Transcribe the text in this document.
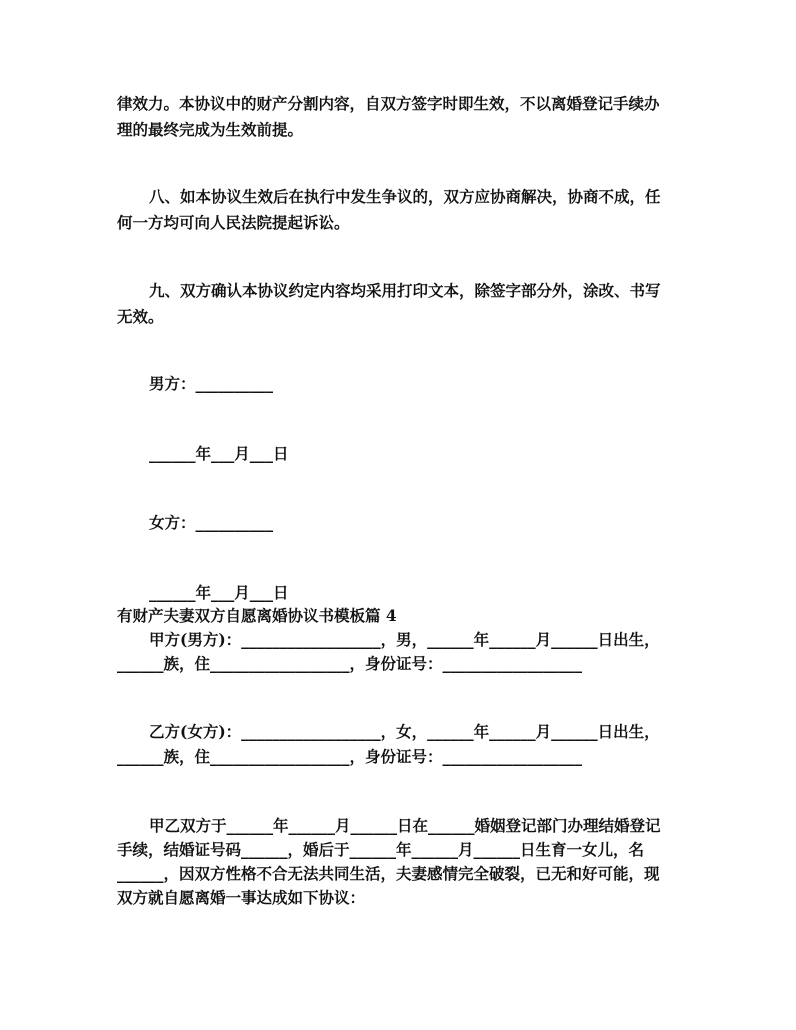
律效力。本协议中的财产分割内容，自双方签字时即生效，不以离婚登记手续办
理的最终完成为生效前提。
八、如本协议生效后在执行中发生争议的，双方应协商解决，协商不成，任
何一方均可向人民法院提起诉讼。
九、双方确认本协议约定内容均采用打印文本，除签字部分外，涂改、书写
无效。
男方：__________
______年___月___日
女方：__________
______年___月___日
有财产夫妻双方自愿离婚协议书模板篇 4
甲方(男方)：__________________，男，______年______月______日出生，
______族，住__________________，身份证号：__________________
乙方(女方)：__________________，女，______年______月______日出生，
______族，住__________________，身份证号：__________________
甲乙双方于______年______月______日在______婚姻登记部门办理结婚登记
手续，结婚证号码______，婚后于______年______月______日生育一女儿，名
______，因双方性格不合无法共同生活，夫妻感情完全破裂，已无和好可能，现
双方就自愿离婚一事达成如下协议：
